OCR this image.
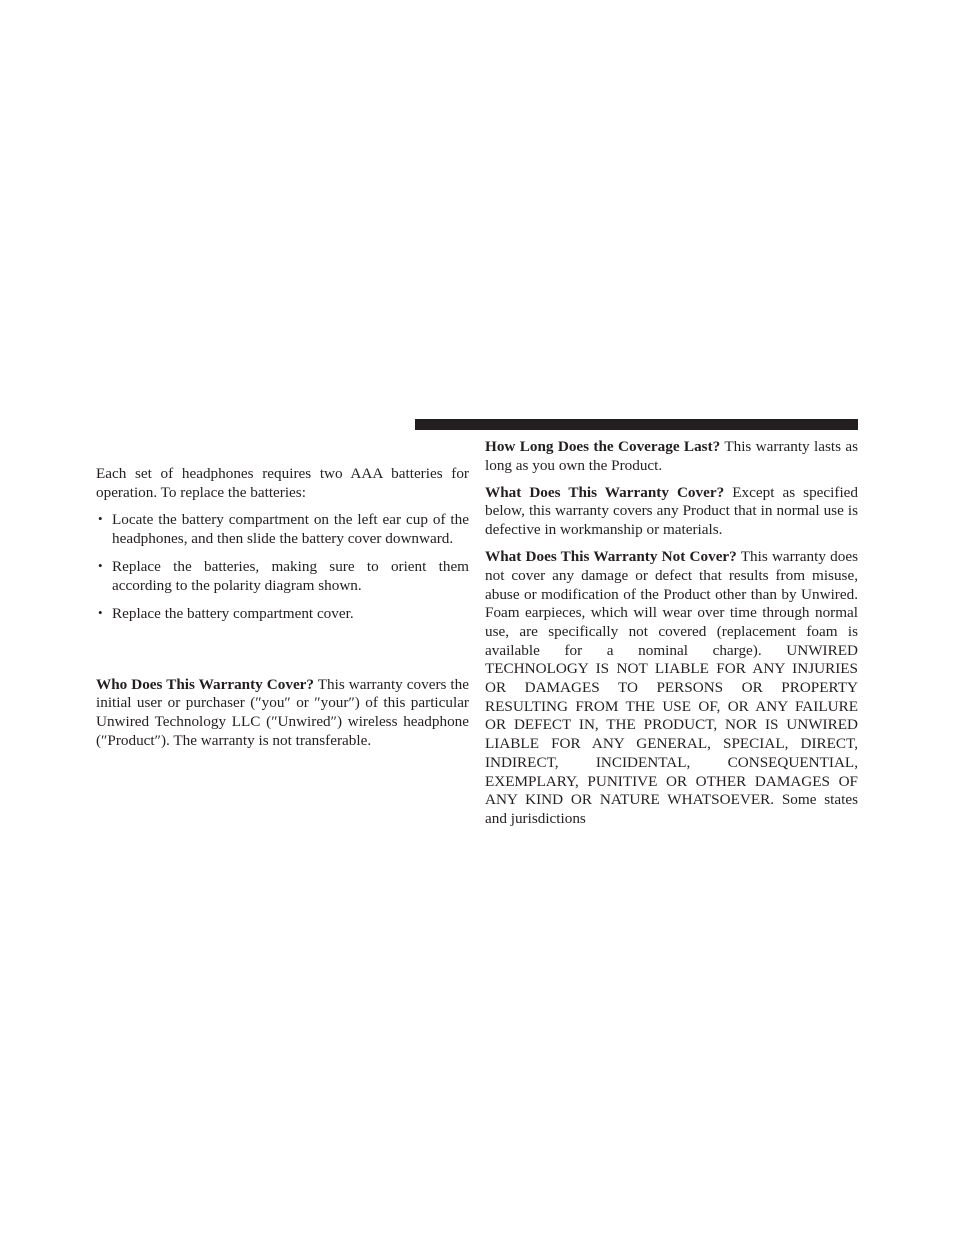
Each set of headphones requires two AAA batteries for operation. To replace the batteries:

• Locate the battery compartment on the left ear cup of the headphones, and then slide the battery cover downward.
• Replace the batteries, making sure to orient them according to the polarity diagram shown.
• Replace the battery compartment cover.

Who Does This Warranty Cover? This warranty covers the initial user or purchaser (″you″ or ″your″) of this particular Unwired Technology LLC (″Unwired″) wireless headphone (″Product″). The warranty is not transferable.

How Long Does the Coverage Last? This warranty lasts as long as you own the Product.

What Does This Warranty Cover? Except as specified below, this warranty covers any Product that in normal use is defective in workmanship or materials.

What Does This Warranty Not Cover? This warranty does not cover any damage or defect that results from misuse, abuse or modification of the Product other than by Unwired. Foam earpieces, which will wear over time through normal use, are specifically not covered (replacement foam is available for a nominal charge). UNWIRED TECHNOLOGY IS NOT LIABLE FOR ANY INJURIES OR DAMAGES TO PERSONS OR PROPERTY RESULTING FROM THE USE OF, OR ANY FAILURE OR DEFECT IN, THE PRODUCT, NOR IS UNWIRED LIABLE FOR ANY GENERAL, SPECIAL, DIRECT, INDIRECT, INCIDENTAL, CONSEQUENTIAL, EXEMPLARY, PUNITIVE OR OTHER DAMAGES OF ANY KIND OR NATURE WHATSOEVER. Some states and jurisdictions
